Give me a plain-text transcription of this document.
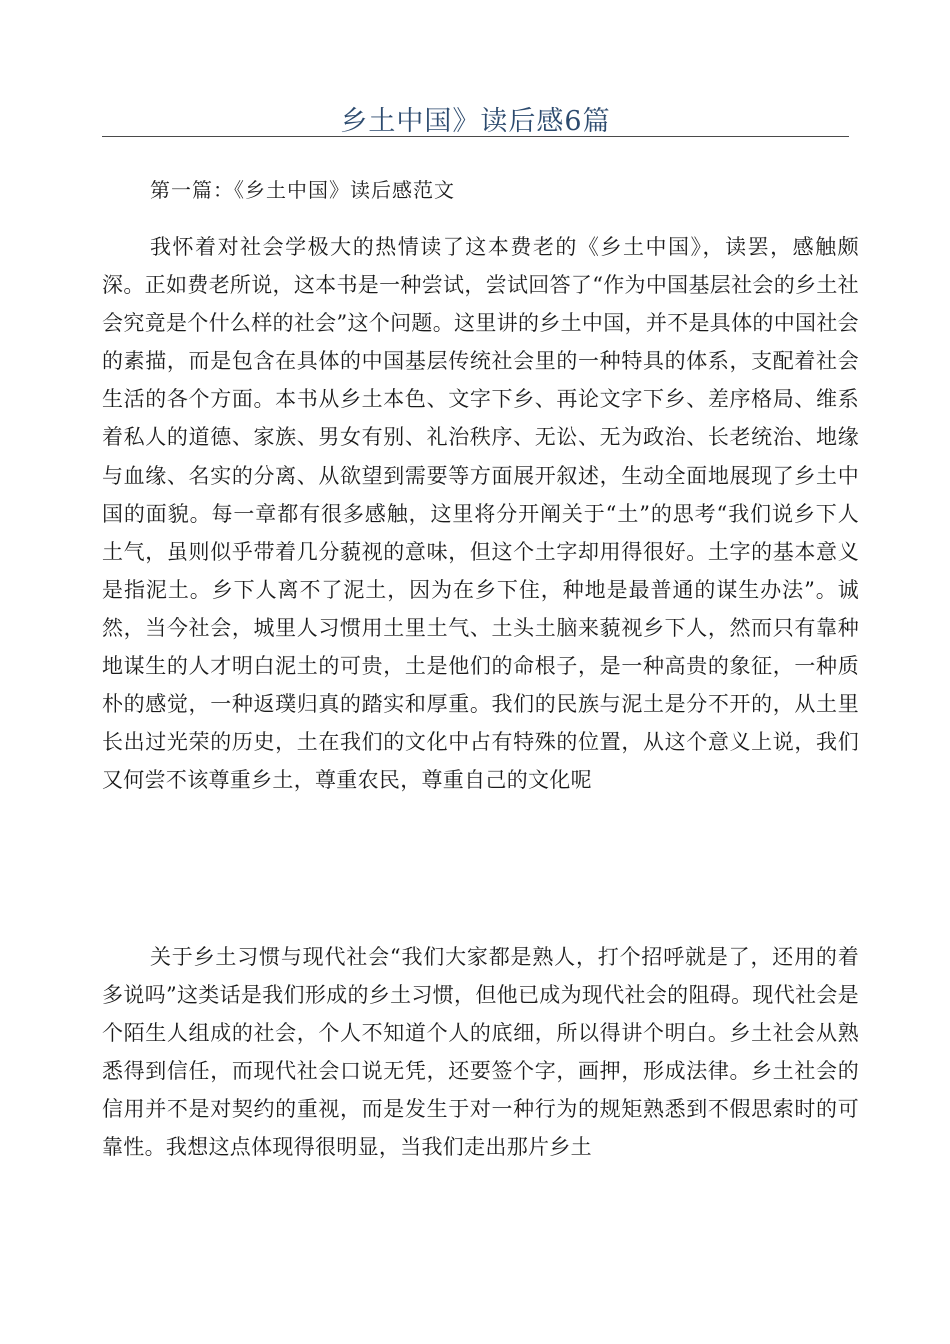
乡土中国》读后感6篇
第一篇：《乡土中国》读后感范文

我怀着对社会学极大的热情读了这本费老的《乡土中国》，读罢，感触颇深。正如费老所说，这本书是一种尝试，尝试回答了“作为中国基层社会的乡土社会究竟是个什么样的社会”这个问题。这里讲的乡土中国，并不是具体的中国社会的素描，而是包含在具体的中国基层传统社会里的一种特具的体系，支配着社会生活的各个方面。本书从乡土本色、文字下乡、再论文字下乡、差序格局、维系着私人的道德、家族、男女有别、礼治秩序、无讼、无为政治、长老统治、地缘与血缘、名实的分离、从欲望到需要等方面展开叙述，生动全面地展现了乡土中国的面貌。每一章都有很多感触，这里将分开阐关于“土”的思考“我们说乡下人土气，虽则似乎带着几分藐视的意味，但这个土字却用得很好。土字的基本意义是指泥土。乡下人离不了泥土，因为在乡下住，种地是最普通的谋生办法”。诚然，当今社会，城里人习惯用土里土气、土头土脑来藐视乡下人，然而只有靠种地谋生的人才明白泥土的可贵，土是他们的命根子，是一种高贵的象征，一种质朴的感觉，一种返璞归真的踏实和厚重。我们的民族与泥土是分不开的，从土里长出过光荣的历史，土在我们的文化中占有特殊的位置，从这个意义上说，我们又何尝不该尊重乡土，尊重农民，尊重自己的文化呢

关于乡土习惯与现代社会“我们大家都是熟人，打个招呼就是了，还用的着多说吗”这类话是我们形成的乡土习惯，但他已成为现代社会的阻碍。现代社会是个陌生人组成的社会，个人不知道个人的底细，所以得讲个明白。乡土社会从熟悉得到信任，而现代社会口说无凭，还要签个字，画押，形成法律。乡土社会的信用并不是对契约的重视，而是发生于对一种行为的规矩熟悉到不假思索时的可靠性。我想这点体现得很明显，当我们走出那片乡土
